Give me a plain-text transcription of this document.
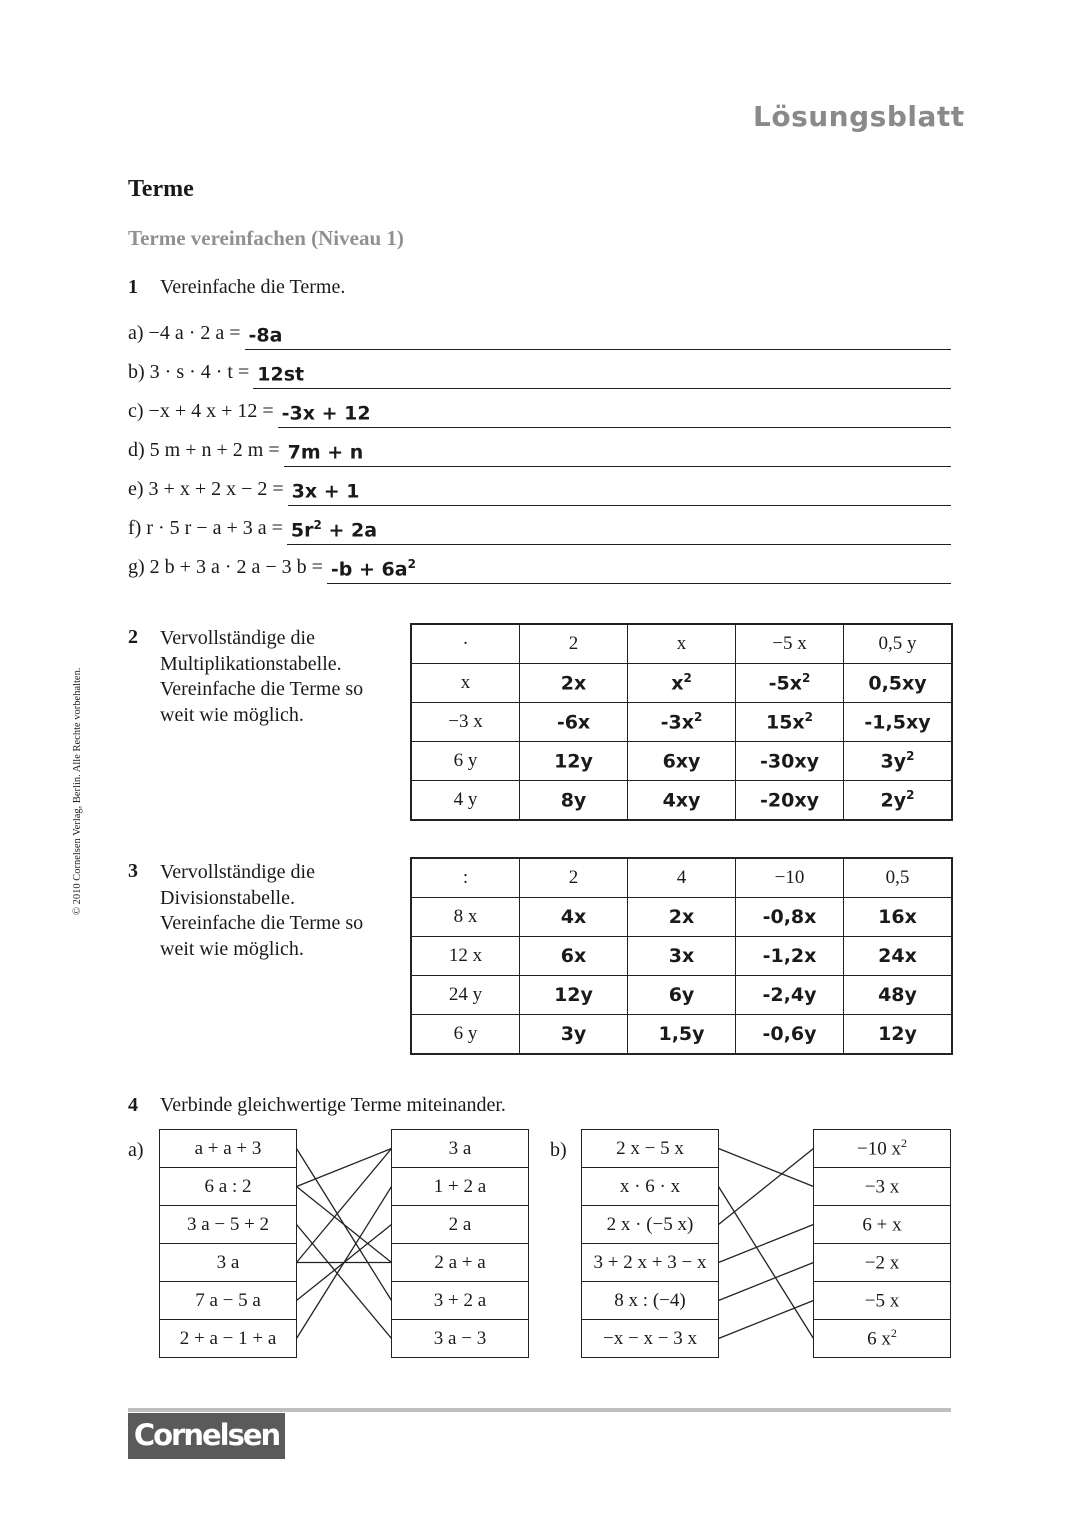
Lösungsblatt
© 2010 Cornelsen Verlag, Berlin. Alle Rechte vorbehalten.
Terme
Terme vereinfachen (Niveau 1)
1 Vereinfache die Terme.
a) −4 a · 2 a = -8a
b) 3 · s · 4 · t = 12st
c) −x + 4 x + 12 = -3x + 12
d) 5 m + n + 2 m = 7m + n
e) 3 + x + 2 x − 2 = 3x + 1
f) r · 5 r − a + 3 $a = 5r^2 + 2a$
g) 2 b + 3 a · 2 a − 3 $b = -b + 6a^2$
2 Vervollständige die
Multiplikationstabelle.
Vereinfache die Terme so
weit wie möglich.
·	2	x	−5 x	0,5 y
x	2x	$x^2$	$-5x^2$	0,5xy
−3 x	-6x	$-3x^2$	$15x^2$	-1,5xy
6 y	12y	6xy	-30xy	$3y^2$
4 y	8y	4xy	-20xy	$2y^2$
3 Vervollständige die
Divisionstabelle.
Vereinfache die Terme so
weit wie möglich.
:	2	4	−10	0,5
8 x	4x	2x	-0,8x	16x
12 x	6x	3x	-1,2x	24x
24 y	12y	6y	-2,4y	48y
6 y	3y	1,5y	-0,6y	12y
4 Verbinde gleichwertige Terme miteinander.
a)	b)
a + a + 3
6 a : 2
3 a − 5 + 2
3 a
7 a − 5 a
2 + a − 1 + a
3 a
1 + 2 a
2 a
2 a + a
3 + 2 a
3 a − 3
2 x − 5 x
x · 6 · x
2 x · (−5 x)
3 + 2 x + 3 − x
8 x : (−4)
−x − x − 3 x
−10 $x^2$
−3 x
6 + x
−2 x
−5 x
6 $x^2$
Cornelsen
